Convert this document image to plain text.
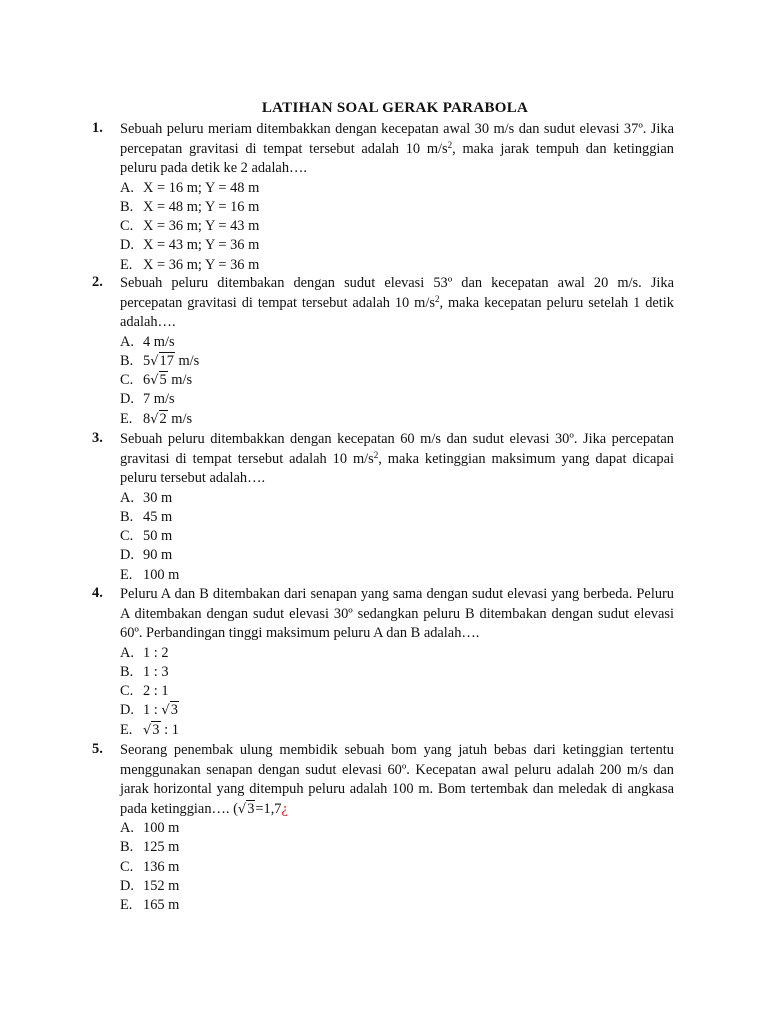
LATIHAN SOAL GERAK PARABOLA
1.	Sebuah peluru meriam ditembakkan dengan kecepatan awal 30 m/s dan sudut elevasi 37º. Jika percepatan gravitasi di tempat tersebut adalah 10 $m/s^2$, maka jarak tempuh dan ketinggian peluru pada detik ke 2 adalah….
A. X = 16 m; Y = 48 m
B. X = 48 m; Y = 16 m
C. X = 36 m; Y = 43 m
D. X = 43 m; Y = 36 m
E. X = 36 m; Y = 36 m
2.	Sebuah peluru ditembakan dengan sudut elevasi 53º dan kecepatan awal 20 m/s. Jika percepatan gravitasi di tempat tersebut adalah 10 $m/s^2$, maka kecepatan peluru setelah 1 detik adalah….
A. 4 m/s
B. 5√17 m/s
C. 6√5 m/s
D. 7 m/s
E. 8√2 m/s
3.	Sebuah peluru ditembakkan dengan kecepatan 60 m/s dan sudut elevasi 30º. Jika percepatan gravitasi di tempat tersebut adalah 10 $m/s^2$, maka ketinggian maksimum yang dapat dicapai peluru tersebut adalah….
A. 30 m
B. 45 m
C. 50 m
D. 90 m
E. 100 m
4.	Peluru A dan B ditembakan dari senapan yang sama dengan sudut elevasi yang berbeda. Peluru A ditembakan dengan sudut elevasi 30º sedangkan peluru B ditembakan dengan sudut elevasi 60º. Perbandingan tinggi maksimum peluru A dan B adalah….
A. 1 : 2
B. 1 : 3
C. 2 : 1
D. 1 : √3
E. √3 : 1
5.	Seorang penembak ulung membidik sebuah bom yang jatuh bebas dari ketinggian tertentu menggunakan senapan dengan sudut elevasi 60º. Kecepatan awal peluru adalah 200 m/s dan jarak horizontal yang ditempuh peluru adalah 100 m. Bom tertembak dan meledak di angkasa pada ketinggian…. (√3=1,7¿
A. 100 m
B. 125 m
C. 136 m
D. 152 m
E. 165 m
